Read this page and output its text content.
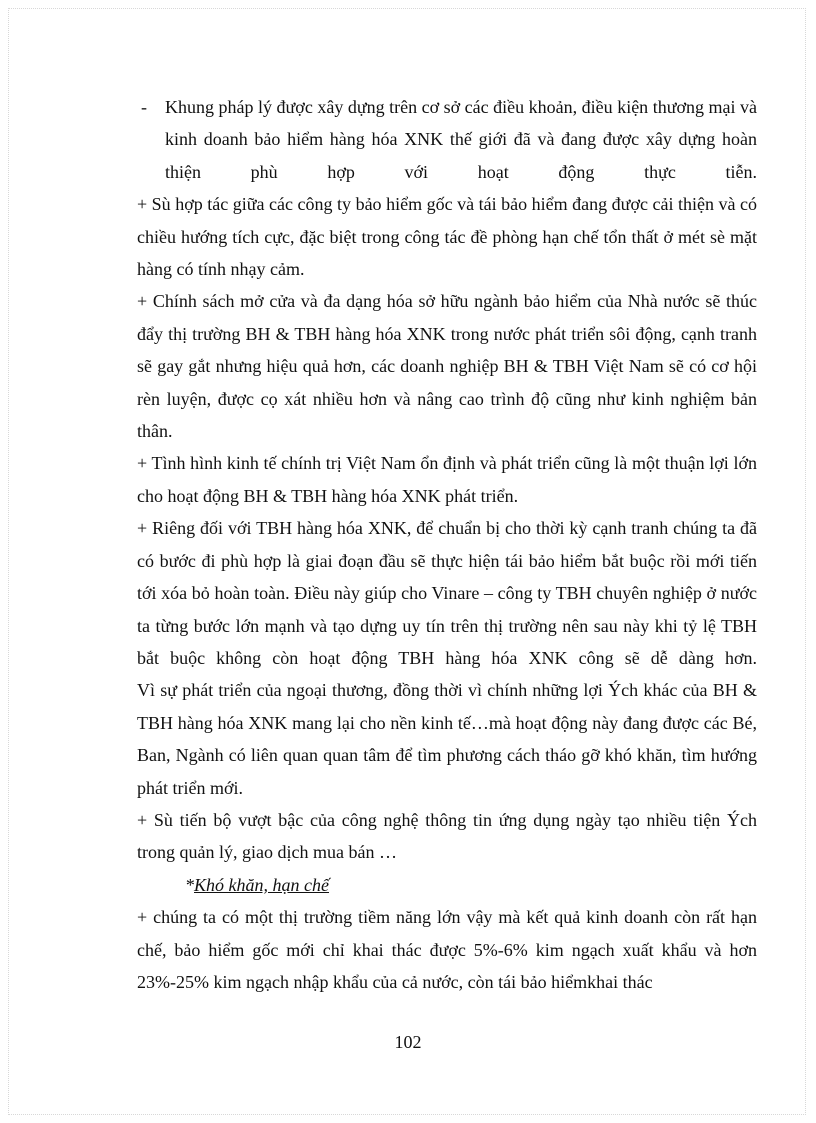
- Khung pháp lý được xây dựng trên cơ sở các điều khoản, điều kiện thương mại và kinh doanh bảo hiểm hàng hóa XNK thế giới đã và đang được xây dựng hoàn thiện phù hợp với hoạt động thực tiễn.

+ Sù hợp tác giữa các công ty bảo hiểm gốc và tái bảo hiểm đang được cải thiện và có chiều hướng tích cực, đặc biệt trong công tác đề phòng hạn chế tổn thất ở mét sè mặt hàng có tính nhạy cảm.

+ Chính sách mở cửa và đa dạng hóa sở hữu ngành bảo hiểm của Nhà nước sẽ thúc đẩy thị trường BH & TBH hàng hóa XNK trong nước phát triển sôi động, cạnh tranh sẽ gay gắt nhưng hiệu quả hơn, các doanh nghiệp BH & TBH Việt Nam sẽ có cơ hội rèn luyện, được cọ xát nhiều hơn và nâng cao trình độ cũng như kinh nghiệm bản thân.

+ Tình hình kinh tế chính trị Việt Nam ổn định và phát triển cũng là một thuận lợi lớn cho hoạt động BH & TBH hàng hóa XNK phát triển.

+ Riêng đối với TBH hàng hóa XNK, để chuẩn bị cho thời kỳ cạnh tranh chúng ta đã có bước đi phù hợp là giai đoạn đầu sẽ thực hiện tái bảo hiểm bắt buộc rồi mới tiến tới xóa bỏ hoàn toàn. Điều này giúp cho Vinare – công ty TBH chuyên nghiệp ở nước ta từng bước lớn mạnh và tạo dựng uy tín trên thị trường nên sau này khi tỷ lệ TBH bắt buộc không còn hoạt động TBH hàng hóa XNK công sẽ dễ dàng hơn.

Vì sự phát triển của ngoại thương, đồng thời vì chính những lợi Ých khác của BH & TBH hàng hóa XNK mang lại cho nền kinh tế…mà hoạt động này đang được các Bé, Ban, Ngành có liên quan quan tâm để tìm phương cách tháo gỡ khó khăn, tìm hướng phát triển mới.

+ Sù tiến bộ vượt bậc của công nghệ thông tin ứng dụng ngày tạo nhiều tiện Ých trong quản lý, giao dịch mua bán …

*Khó khăn, hạn chế

+ chúng ta có một thị trường tiềm năng lớn vậy mà kết quả kinh doanh còn rất hạn chế, bảo hiểm gốc mới chỉ khai thác được 5%-6% kim ngạch xuất khẩu và hơn 23%-25% kim ngạch nhập khẩu của cả nước, còn tái bảo hiểmkhai thác

102
